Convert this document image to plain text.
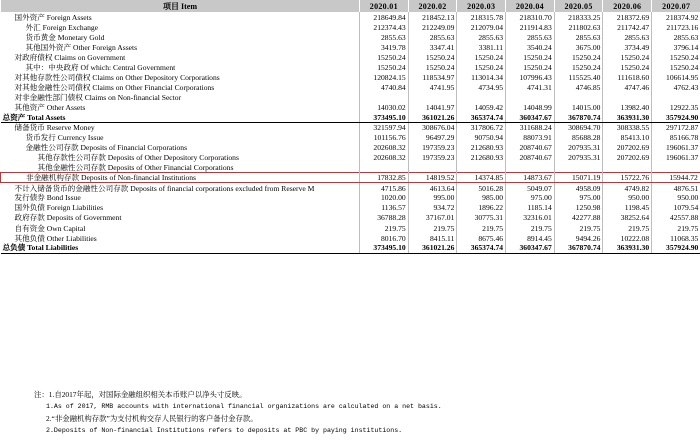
项目 Item	2020.01	2020.02	2020.03	2020.04	2020.05	2020.06	2020.07
国外资产 Foreign Assets	218649.84	218452.13	218315.78	218310.70	218333.25	218372.69	218374.92
外汇 Foreign Exchange	212374.43	212249.09	212079.04	211914.83	211802.63	211742.47	211723.16
货币黄金 Monetary Gold	2855.63	2855.63	2855.63	2855.63	2855.63	2855.63	2855.63
其他国外资产 Other Foreign Assets	3419.78	3347.41	3381.11	3540.24	3675.00	3734.49	3796.14
对政府债权 Claims on Government	15250.24	15250.24	15250.24	15250.24	15250.24	15250.24	15250.24
其中：中央政府 Of which: Central Government	15250.24	15250.24	15250.24	15250.24	15250.24	15250.24	15250.24
对其他存款性公司债权 Claims on Other Depository Corporations	120824.15	118534.97	113014.34	107996.43	115525.40	111618.60	106614.95
对其他金融性公司债权 Claims on Other Financial Corporations	4740.84	4741.95	4734.95	4741.31	4746.85	4747.46	4762.43
对非金融性部门债权 Claims on Non-financial Sector							
其他资产 Other Assets	14030.02	14041.97	14059.42	14048.99	14015.00	13982.40	12922.35
总资产 Total Assets	373495.10	361021.26	365374.74	360347.67	367870.74	363931.30	357924.90
储备货币 Reserve Money	321597.94	308676.04	317806.72	311688.24	308694.70	308338.55	297172.87
货币发行 Currency Issue	101156.76	96497.29	90750.94	88073.91	85688.28	85413.10	85166.78
金融性公司存款 Deposits of Financial Corporations	202608.32	197359.23	212680.93	208740.67	207935.31	207202.69	196061.37
其他存款性公司存款 Deposits of Other Depository Corporations	202608.32	197359.23	212680.93	208740.67	207935.31	207202.69	196061.37
其他金融性公司存款 Deposits of Other Financial Corporations							
非金融机构存款 Deposits of Non-financial Institutions	17832.85	14819.52	14374.85	14873.67	15071.19	15722.76	15944.72
不计入储备货币的金融性公司存款 Deposits of financial corporations excluded from Reserve M	4715.86	4613.64	5016.28	5049.07	4958.09	4749.82	4876.51
发行债券 Bond Issue	1020.00	995.00	985.00	975.00	975.00	950.00	950.00
国外负债 Foreign Liabilities	1136.57	934.72	1896.22	1185.14	1250.98	1198.45	1079.54
政府存款 Deposits of Government	36788.28	37167.01	30775.31	32316.01	42277.88	38252.64	42557.88
自有资金 Own Capital	219.75	219.75	219.75	219.75	219.75	219.75	219.75
其他负债 Other Liabilities	8016.70	8415.11	8675.46	8914.45	9494.26	10222.08	11068.35
总负债 Total Liabilities	373495.10	361021.26	365374.74	360347.67	367870.74	363931.30	357924.90
注：1.自2017年起，对国际金融组织相关本币账户以净头寸反映。
1.As of 2017, RMB accounts with international financial organizations are calculated on a net basis.
2.“非金融机构存款”为支付机构交存人民银行的客户备付金存款。
2.Deposits of Non-financial Institutions refers to deposits at PBC by paying institutions.
